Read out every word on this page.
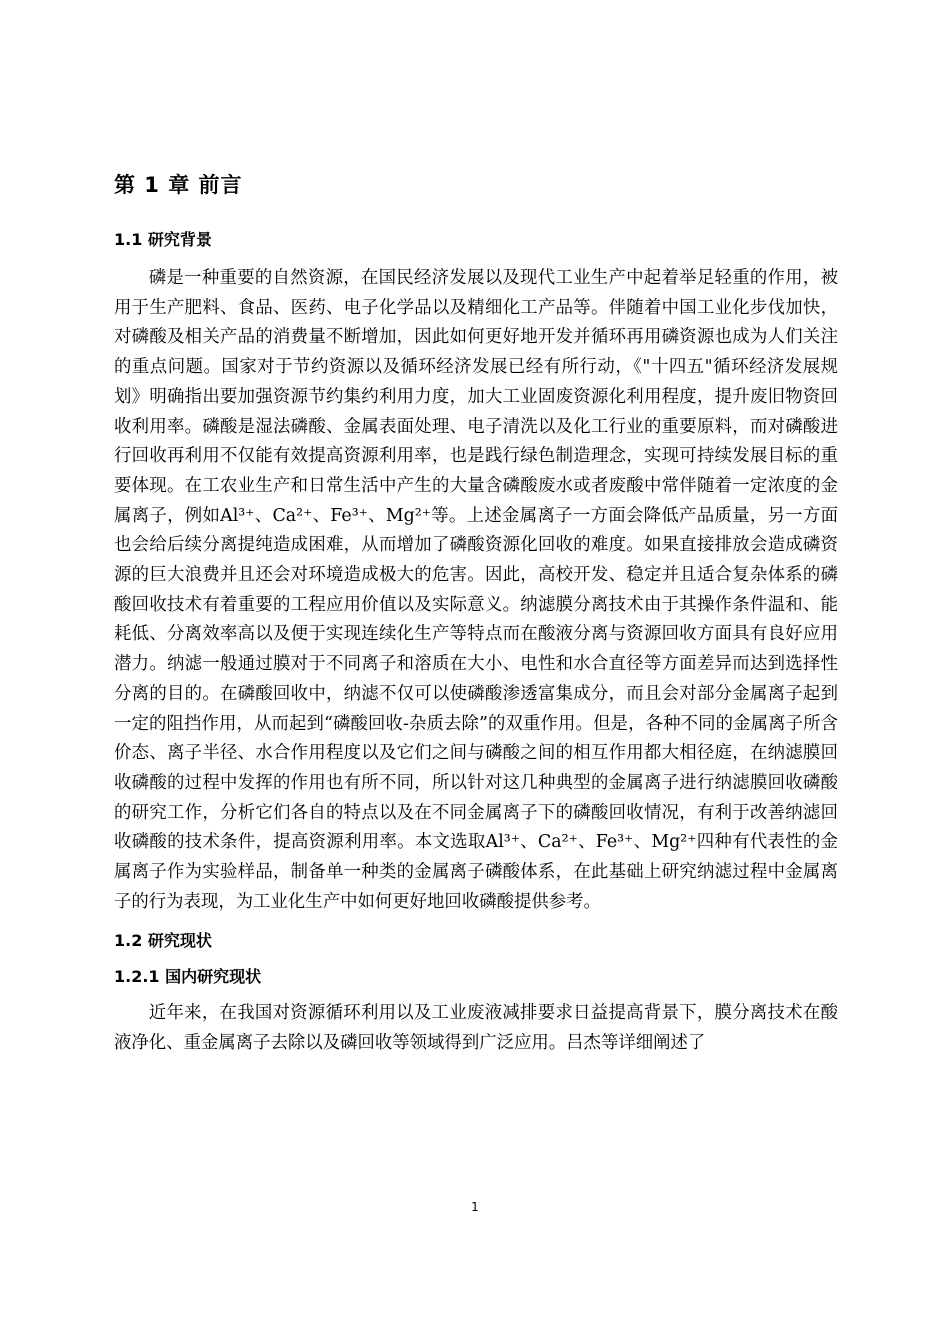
第 1 章 前言
1.1 研究背景

磷是一种重要的自然资源，在国民经济发展以及现代工业生产中起着举足轻重的作用，被用于生产肥料、食品、医药、电子化学品以及精细化工产品等。伴随着中国工业化步伐加快，对磷酸及相关产品的消费量不断增加，因此如何更好地开发并循环再用磷资源也成为人们关注的重点问题。国家对于节约资源以及循环经济发展已经有所行动，《"十四五"循环经济发展规划》明确指出要加强资源节约集约利用力度，加大工业固废资源化利用程度，提升废旧物资回收利用率。磷酸是湿法磷酸、金属表面处理、电子清洗以及化工行业的重要原料，而对磷酸进行回收再利用不仅能有效提高资源利用率，也是践行绿色制造理念，实现可持续发展目标的重要体现。在工农业生产和日常生活中产生的大量含磷酸废水或者废酸中常伴随着一定浓度的金属离子，例如Al³⁺、Ca²⁺、Fe³⁺、Mg²⁺等。上述金属离子一方面会降低产品质量，另一方面也会给后续分离提纯造成困难，从而增加了磷酸资源化回收的难度。如果直接排放会造成磷资源的巨大浪费并且还会对环境造成极大的危害。因此，高校开发、稳定并且适合复杂体系的磷酸回收技术有着重要的工程应用价值以及实际意义。纳滤膜分离技术由于其操作条件温和、能耗低、分离效率高以及便于实现连续化生产等特点而在酸液分离与资源回收方面具有良好应用潜力。纳滤一般通过膜对于不同离子和溶质在大小、电性和水合直径等方面差异而达到选择性分离的目的。在磷酸回收中，纳滤不仅可以使磷酸渗透富集成分，而且会对部分金属离子起到一定的阻挡作用，从而起到“磷酸回收-杂质去除”的双重作用。但是，各种不同的金属离子所含价态、离子半径、水合作用程度以及它们之间与磷酸之间的相互作用都大相径庭，在纳滤膜回收磷酸的过程中发挥的作用也有所不同，所以针对这几种典型的金属离子进行纳滤膜回收磷酸的研究工作，分析它们各自的特点以及在不同金属离子下的磷酸回收情况，有利于改善纳滤回收磷酸的技术条件，提高资源利用率。本文选取Al³⁺、Ca²⁺、Fe³⁺、Mg²⁺四种有代表性的金属离子作为实验样品，制备单一种类的金属离子磷酸体系，在此基础上研究纳滤过程中金属离子的行为表现，为工业化生产中如何更好地回收磷酸提供参考。

1.2 研究现状
1.2.1 国内研究现状

近年来，在我国对资源循环利用以及工业废液减排要求日益提高背景下，膜分离技术在酸液净化、重金属离子去除以及磷回收等领域得到广泛应用。吕杰等详细阐述了

1
